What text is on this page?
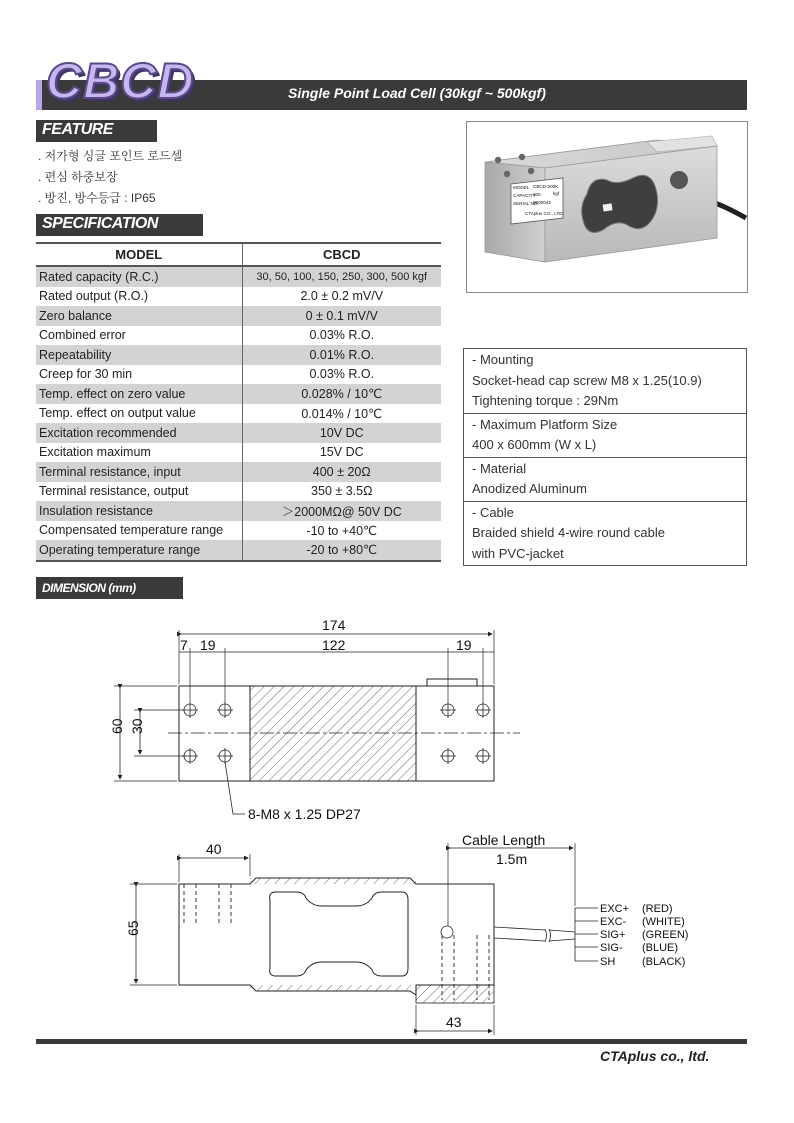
CBCD	Single Point Load Cell (30kgf ~ 500kgf)
FEATURE
. 저가형 싱글 포인트 로드셀
. 편심 하중보장
. 방진, 방수등급 : IP65
SPECIFICATION
MODEL	CBCD
Rated capacity (R.C.)	30, 50, 100, 150, 250, 300, 500 kgf
Rated output (R.O.)	2.0 ± 0.2 mV/V
Zero balance	0 ± 0.1 mV/V
Combined error	0.03% R.O.
Repeatability	0.01% R.O.
Creep for 30 min	0.03% R.O.
Temp. effect on zero value	0.028% / 10℃
Temp. effect on output value	0.014% / 10℃
Excitation recommended	10V DC
Excitation maximum	15V DC
Terminal resistance, input	400 ± 20Ω
Terminal resistance, output	350 ± 3.5Ω
Insulation resistance	＞2000MΩ@ 50V DC
Compensated temperature range	-10 to +40℃
Operating temperature range	-20 to +80℃
MODEL CBCD-200K
CAPACITY
200	kgf
SERIAL NO.
0000042
CTAplus CO., LTD.
- Mounting
Socket-head cap screw M8 x 1.25(10.9)
Tightening torque : 29Nm
- Maximum Platform Size
400 x 600mm (W x L)
- Material
Anodized Aluminum
- Cable
Braided shield 4-wire round cable
with PVC-jacket
DIMENSION (mm)
174
7 19	122	19
60 30
8-M8 x 1.25 DP27
40
65
Cable Length
1.5m
43
EXC+ (RED)
EXC- (WHITE)
SIG+ (GREEN)
SIG- (BLUE)
SH (BLACK)
CTAplus co., ltd.
